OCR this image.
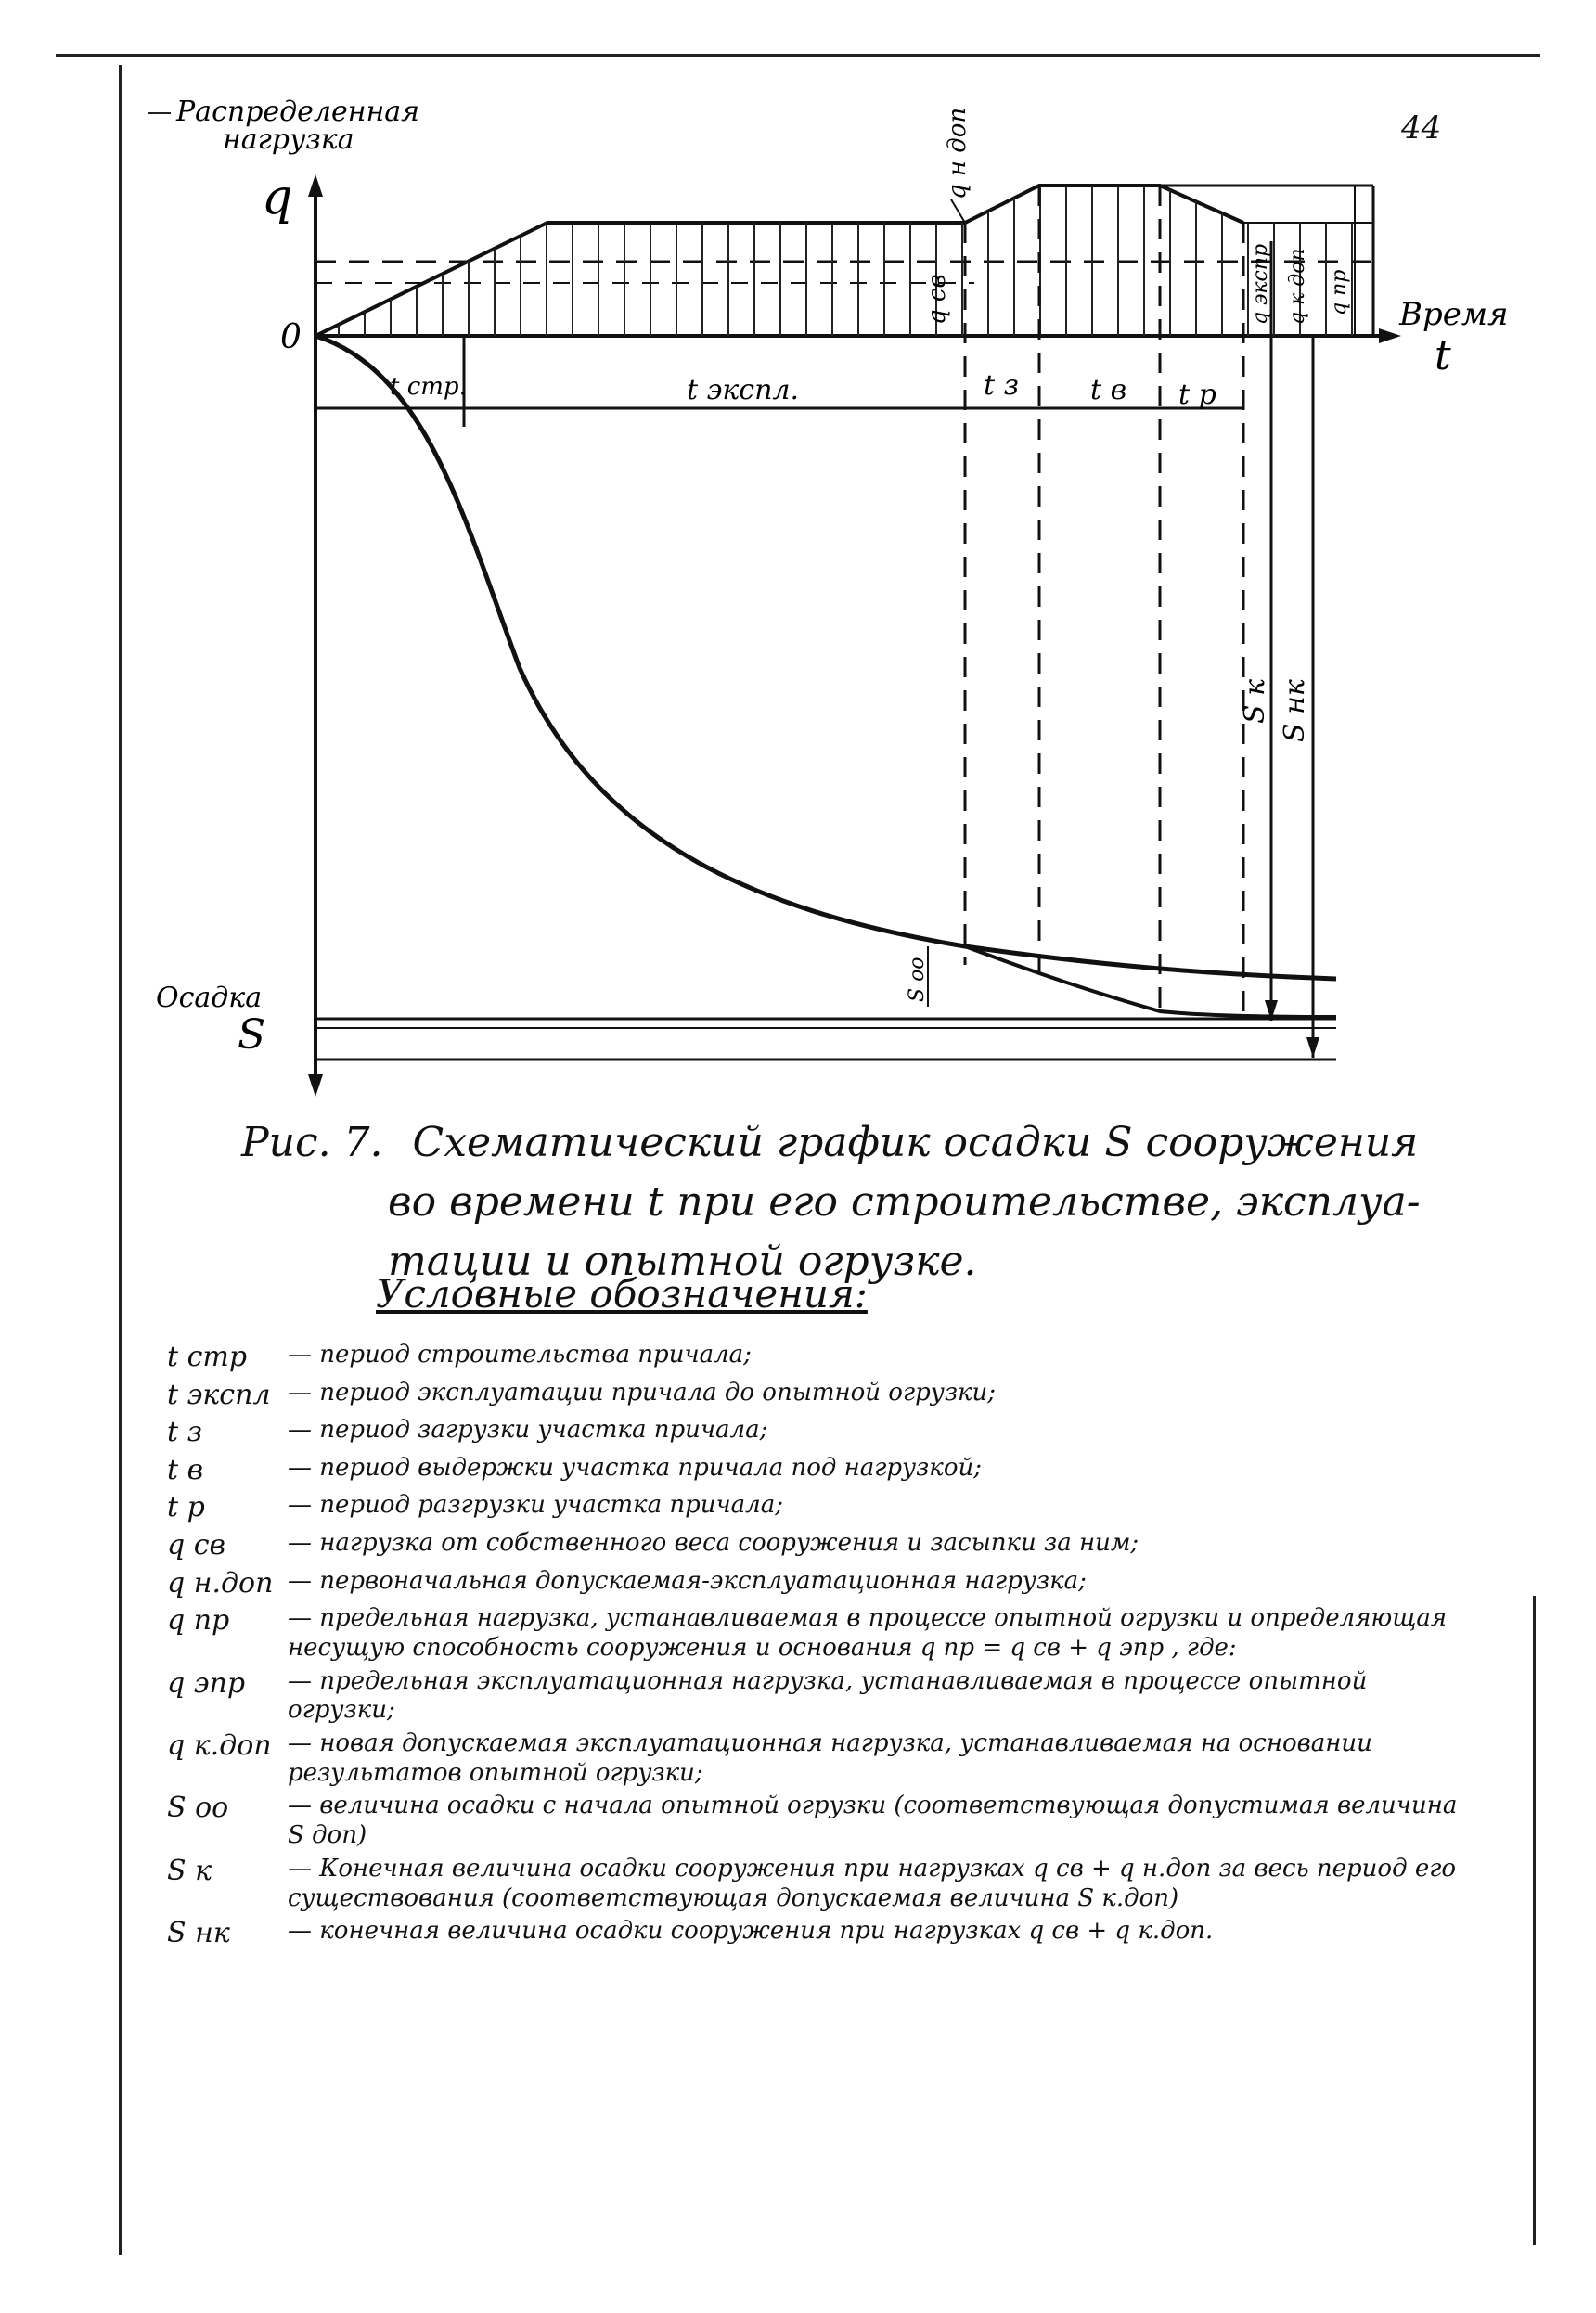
44
Распределенная
нагрузка
q
0
Время
t
Осадка
S
t стр.	t экспл.	t з	t в t р
q св
q н доп
q экспр q к доп q пр
S оо
S к S нк
Рис. 7. Схематический график осадки S сооружения
во времени t при его строительстве, эксплуа-
тации и опытной огрузке.
Условные обозначения:
t стр	— период строительства причала;
t экспл — период эксплуатации причала до опытной огрузки;
t з	— период загрузки участка причала;
t в	— период выдержки участка причала под нагрузкой;
t р	— период разгрузки участка причала;
q св	— нагрузка от собственного веса сооружения и засыпки за ним;
q н.доп — первоначальная допускаемая-эксплуатационная нагрузка;
q пр	— предельная нагрузка, устанавливаемая в процессе опытной огрузки и определяющая несущую способность сооружения и основания q пр = q св + q эпр , где:
q эпр	— предельная эксплуатационная нагрузка, устанавливаемая в процессе опытной огрузки;
q к.доп — новая допускаемая эксплуатационная нагрузка, устанавливаемая на основании результатов опытной огрузки;
S оо	— величина осадки с начала опытной огрузки (соответствующая допустимая величина S доп)
S к	— Конечная величина осадки сооружения при нагрузках q св + q н.доп за весь период его существования (соответствующая допускаемая величина S к.доп)
S нк	— конечная величина осадки сооружения при нагрузках q св + q к.доп.
